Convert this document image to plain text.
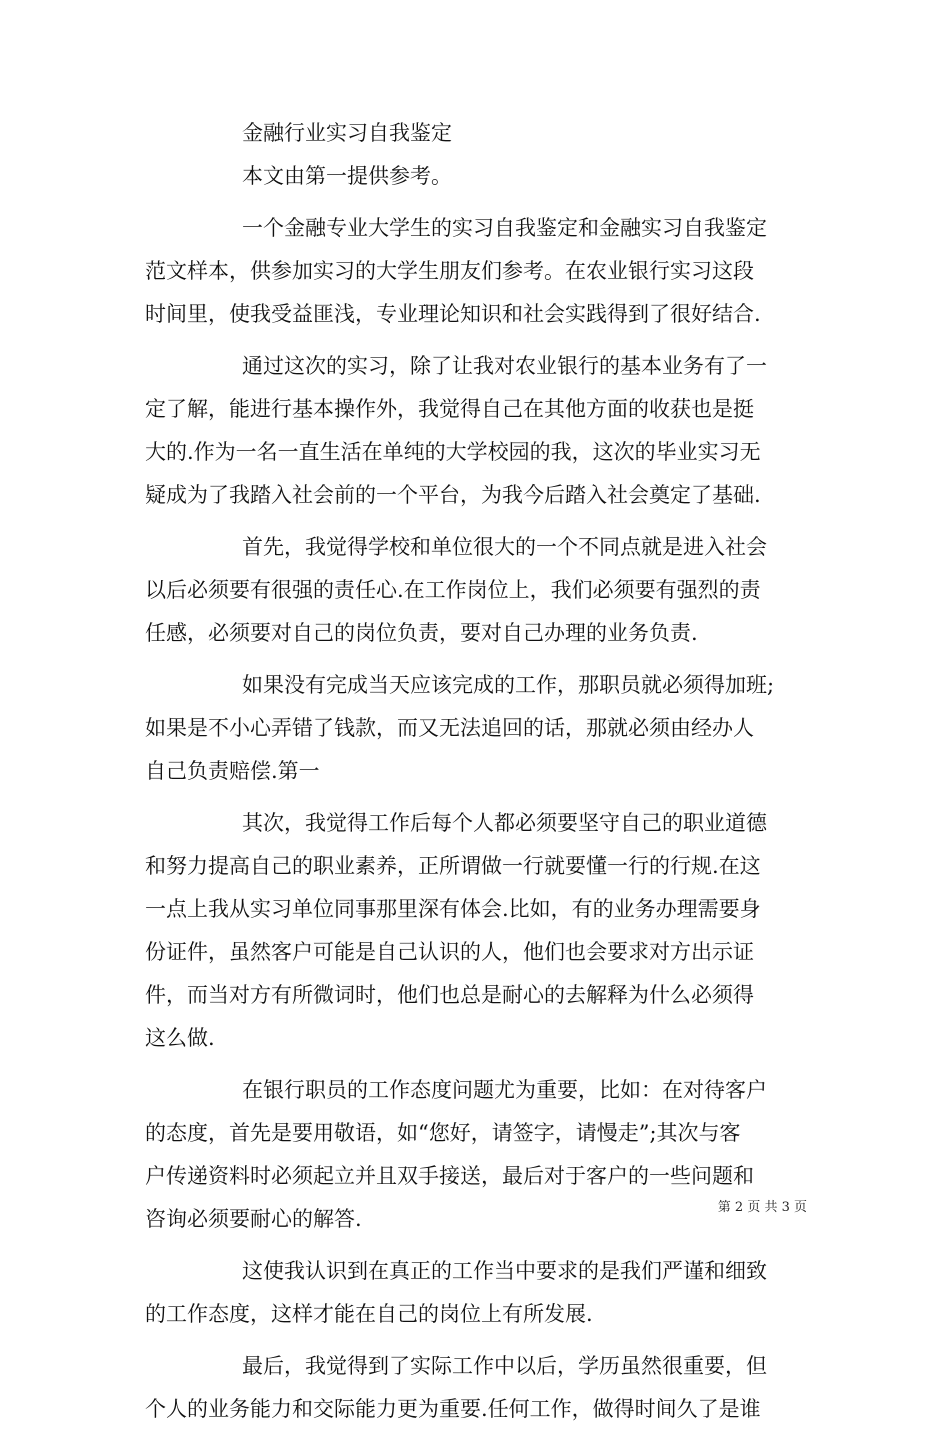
金融行业实习自我鉴定
本文由第一提供参考。
一个金融专业大学生的实习自我鉴定和金融实习自我鉴定
范文样本，供参加实习的大学生朋友们参考。在农业银行实习这段
时间里，使我受益匪浅，专业理论知识和社会实践得到了很好结合.
通过这次的实习，除了让我对农业银行的基本业务有了一
定了解，能进行基本操作外，我觉得自己在其他方面的收获也是挺
大的.作为一名一直生活在单纯的大学校园的我，这次的毕业实习无
疑成为了我踏入社会前的一个平台，为我今后踏入社会奠定了基础.
首先，我觉得学校和单位很大的一个不同点就是进入社会
以后必须要有很强的责任心.在工作岗位上，我们必须要有强烈的责
任感，必须要对自己的岗位负责，要对自己办理的业务负责.
如果没有完成当天应该完成的工作，那职员就必须得加班;
如果是不小心弄错了钱款，而又无法追回的话，那就必须由经办人
自己负责赔偿.第一
其次，我觉得工作后每个人都必须要坚守自己的职业道德
和努力提高自己的职业素养，正所谓做一行就要懂一行的行规.在这
一点上我从实习单位同事那里深有体会.比如，有的业务办理需要身
份证件，虽然客户可能是自己认识的人，他们也会要求对方出示证
件，而当对方有所微词时，他们也总是耐心的去解释为什么必须得
这么做.
在银行职员的工作态度问题尤为重要，比如：在对待客户
的态度，首先是要用敬语，如“您好，请签字，请慢走”;其次与客
户传递资料时必须起立并且双手接送，最后对于客户的一些问题和
咨询必须要耐心的解答.
这使我认识到在真正的工作当中要求的是我们严谨和细致
的工作态度，这样才能在自己的岗位上有所发展.
最后，我觉得到了实际工作中以后，学历虽然很重要，但
个人的业务能力和交际能力更为重要.任何工作，做得时间久了是谁
第 2 页 共 3 页
